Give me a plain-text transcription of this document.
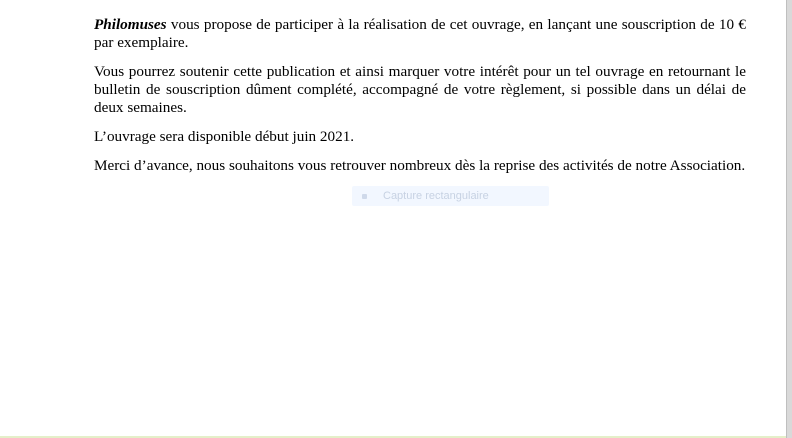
Philomuses vous propose de participer à la réalisation de cet ouvrage, en lançant une souscription de 10 € par exemplaire.

Vous pourrez soutenir cette publication et ainsi marquer votre intérêt pour un tel ouvrage en retournant le bulletin de souscription dûment complété, accompagné de votre règlement, si possible dans un délai de deux semaines.

L’ouvrage sera disponible début juin 2021.

Merci d’avance, nous souhaitons vous retrouver nombreux dès la reprise des activités de notre Association.

Capture rectangulaire
